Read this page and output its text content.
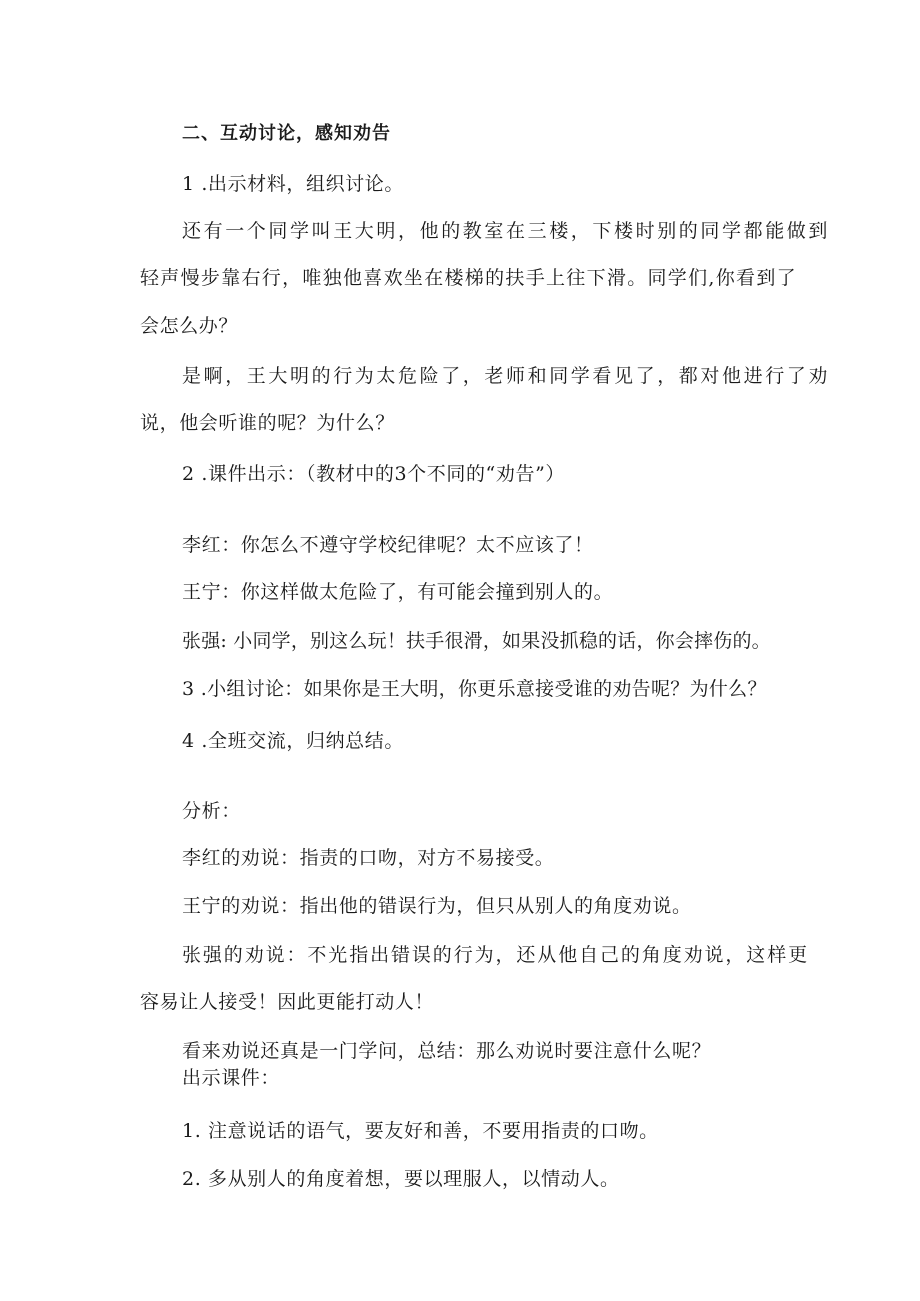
二、互动讨论，感知劝告

1 .出示材料，组织讨论。

还有一个同学叫王大明，他的教室在三楼，下楼时别的同学都能做到

轻声慢步靠右行，唯独他喜欢坐在楼梯的扶手上往下滑。同学们,你看到了

会怎么办？

是啊，王大明的行为太危险了，老师和同学看见了，都对他进行了劝

说，他会听谁的呢？为什么？

2 .课件出示：（教材中的3个不同的“劝告”）

李红：你怎么不遵守学校纪律呢？太不应该了！

王宁：你这样做太危险了，有可能会撞到别人的。

张强: 小同学，别这么玩！扶手很滑，如果没抓稳的话，你会摔伤的。

3 .小组讨论：如果你是王大明，你更乐意接受谁的劝告呢？为什么？

4 .全班交流，归纳总结。

分析：

李红的劝说：指责的口吻，对方不易接受。

王宁的劝说：指出他的错误行为，但只从别人的角度劝说。

张强的劝说：不光指出错误的行为，还从他自己的角度劝说，这样更

容易让人接受！因此更能打动人！

看来劝说还真是一门学问，总结：那么劝说时要注意什么呢？

出示课件：

1. 注意说话的语气，要友好和善，不要用指责的口吻。

2. 多从别人的角度着想，要以理服人，以情动人。
